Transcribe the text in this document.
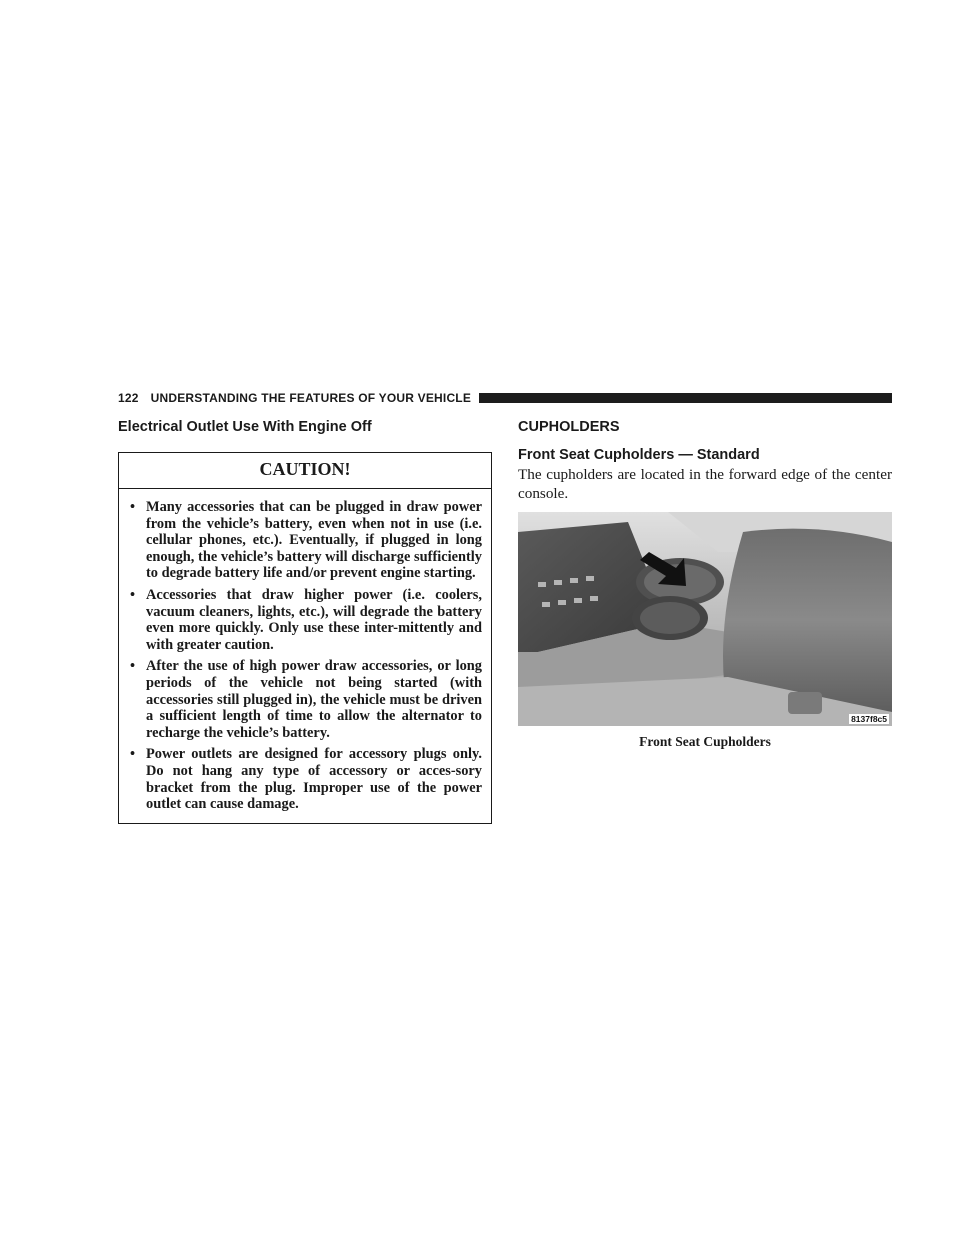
122 UNDERSTANDING THE FEATURES OF YOUR VEHICLE
Electrical Outlet Use With Engine Off
CAUTION!
• Many accessories that can be plugged in draw power from the vehicle’s battery, even when not in use (i.e. cellular phones, etc.). Eventually, if plugged in long enough, the vehicle’s battery will discharge sufficiently to degrade battery life and/or prevent engine starting.
• Accessories that draw higher power (i.e. coolers, vacuum cleaners, lights, etc.), will degrade the battery even more quickly. Only use these inter-mittently and with greater caution.
• After the use of high power draw accessories, or long periods of the vehicle not being started (with accessories still plugged in), the vehicle must be driven a sufficient length of time to allow the alternator to recharge the vehicle’s battery.
• Power outlets are designed for accessory plugs only. Do not hang any type of accessory or acces-sory bracket from the plug. Improper use of the power outlet can cause damage.
CUPHOLDERS
Front Seat Cupholders — Standard

The cupholders are located in the forward edge of the center console.

8137f8c5
Front Seat Cupholders
